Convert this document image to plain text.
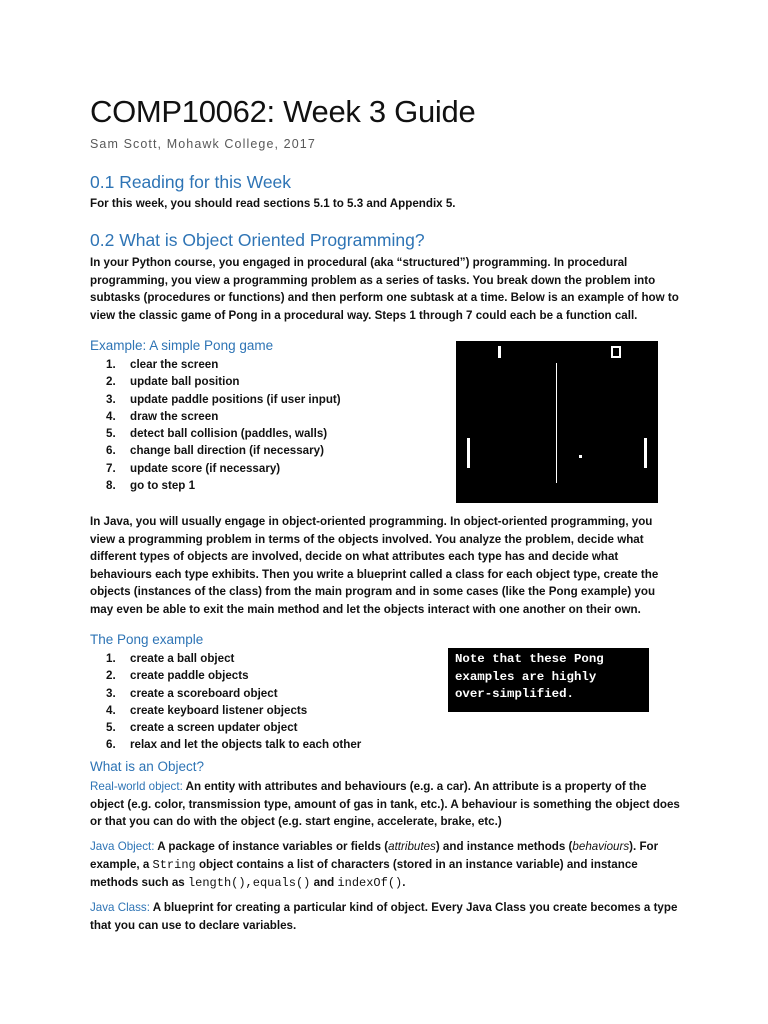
COMP10062: Week 3 Guide
Sam Scott, Mohawk College, 2017
0.1 Reading for this Week
For this week, you should read sections 5.1 to 5.3 and Appendix 5.
0.2 What is Object Oriented Programming?
In your Python course, you engaged in procedural (aka “structured”) programming. In procedural programming, you view a programming problem as a series of tasks. You break down the problem into subtasks (procedures or functions) and then perform one subtask at a time. Below is an example of how to view the classic game of Pong in a procedural way. Steps 1 through 7 could each be a function call.
Example: A simple Pong game
1.	clear the screen
2.	update ball position
3.	update paddle positions (if user input)
4.	draw the screen
5.	detect ball collision (paddles, walls)
6.	change ball direction (if necessary)
7.	update score (if necessary)
8.	go to step 1
In Java, you will usually engage in object-oriented programming. In object-oriented programming, you view a programming problem in terms of the objects involved. You analyze the problem, decide what different types of objects are involved, decide on what attributes each type has and decide what behaviours each type exhibits. Then you write a blueprint called a class for each object type, create the objects (instances of the class) from the main program and in some cases (like the Pong example) you may even be able to exit the main method and let the objects interact with one another on their own.
The Pong example
1.	create a ball object
2.	create paddle objects
3.	create a scoreboard object
4.	create keyboard listener objects
5.	create a screen updater object
6.	relax and let the objects talk to each other
Note that these Pong
examples are highly
over-simplified.
What is an Object?
Real-world object: An entity with attributes and behaviours (e.g. a car). An attribute is a property of the object (e.g. color, transmission type, amount of gas in tank, etc.). A behaviour is something the object does or that you can do with the object (e.g. start engine, accelerate, brake, etc.)
Java Object: A package of instance variables or fields (attributes) and instance methods (behaviours). For example, a String object contains a list of characters (stored in an instance variable) and instance methods such as length(),equals() and indexOf().
Java Class: A blueprint for creating a particular kind of object. Every Java Class you create becomes a type that you can use to declare variables.
